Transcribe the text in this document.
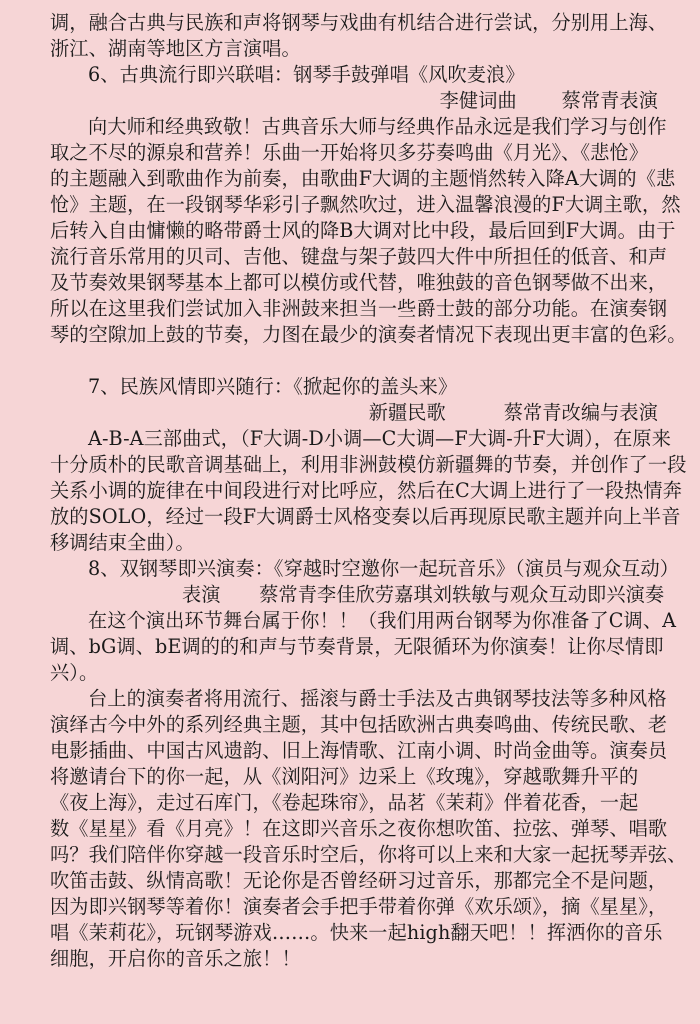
调，融合古典与民族和声将钢琴与戏曲有机结合进行尝试，分别用上海、
浙江、湖南等地区方言演唱。
6、古典流行即兴联唱：钢琴手鼓弹唱《风吹麦浪》
李健词曲　　 蔡常青表演
向大师和经典致敬！古典音乐大师与经典作品永远是我们学习与创作
取之不尽的源泉和营养！乐曲一开始将贝多芬奏鸣曲《月光》、《悲怆》
的主题融入到歌曲作为前奏，由歌曲F大调的主题悄然转入降A大调的《悲
怆》主题，在一段钢琴华彩引子飘然吹过，进入温馨浪漫的F大调主歌，然
后转入自由慵懒的略带爵士风的降B大调对比中段，最后回到F大调。由于
流行音乐常用的贝司、吉他、键盘与架子鼓四大件中所担任的低音、和声
及节奏效果钢琴基本上都可以模仿或代替，唯独鼓的音色钢琴做不出来，
所以在这里我们尝试加入非洲鼓来担当一些爵士鼓的部分功能。在演奏钢
琴的空隙加上鼓的节奏，力图在最少的演奏者情况下表现出更丰富的色彩。
7、民族风情即兴随行：《掀起你的盖头来》
新疆民歌　　　蔡常青改编与表演
A-B-A三部曲式，（F大调-D小调—C大调—F大调-升F大调），在原来
十分质朴的民歌音调基础上，利用非洲鼓模仿新疆舞的节奏，并创作了一段
关系小调的旋律在中间段进行对比呼应，然后在C大调上进行了一段热情奔
放的SOLO，经过一段F大调爵士风格变奏以后再现原民歌主题并向上半音
移调结束全曲）。
8、双钢琴即兴演奏：《穿越时空邀你一起玩音乐》（演员与观众互动）
表演　　蔡常青李佳欣劳嘉琪刘轶敏与观众互动即兴演奏
在这个演出环节舞台属于你！！（我们用两台钢琴为你准备了C调、A
调、bG调、bE调的的和声与节奏背景，无限循环为你演奏！让你尽情即
兴）。
台上的演奏者将用流行、摇滚与爵士手法及古典钢琴技法等多种风格
演绎古今中外的系列经典主题，其中包括欧洲古典奏鸣曲、传统民歌、老
电影插曲、中国古风遗韵、旧上海情歌、江南小调、时尚金曲等。演奏员
将邀请台下的你一起，从《浏阳河》边采上《玫瑰》，穿越歌舞升平的
《夜上海》，走过石库门，《卷起珠帘》，品茗《茉莉》伴着花香，一起
数《星星》看《月亮》！在这即兴音乐之夜你想吹笛、拉弦、弹琴、唱歌
吗？我们陪伴你穿越一段音乐时空后，你将可以上来和大家一起抚琴弄弦、
吹笛击鼓、纵情高歌！无论你是否曾经研习过音乐，那都完全不是问题，
因为即兴钢琴等着你！演奏者会手把手带着你弹《欢乐颂》，摘《星星》，
唱《茉莉花》，玩钢琴游戏……。快来一起high翻天吧！！挥洒你的音乐
细胞，开启你的音乐之旅！！
